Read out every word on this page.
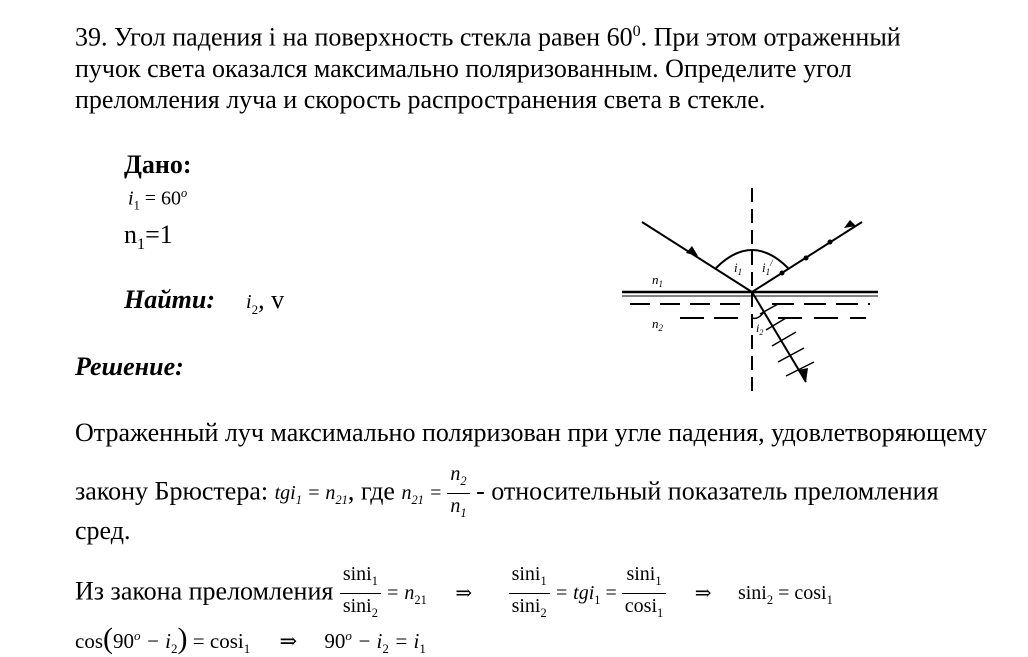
39. Угол падения i на поверхность стекла равен $60^0$. При этом отраженный
пучок света оказался максимально поляризованным. Определите угол
преломления луча и скорость распространения света в стекле.
Дано:
$i_1 = 60^o$
$n_1=1$
Найти: $i_2$, v
Решение:
Отраженный луч максимально поляризован при угле падения, удовлетворяющему
закону Брюстера: $tgi_1 = n_{21}$, где $n_{21} = \frac{n_2}{n_1}$ - относительный показатель преломления
сред.
Из закона преломления $\frac{\sin i_1}{\sin i_2} = n_{21}$ ⇒ $\frac{\sin i_1}{\sin i_2} = tgi_1 = \frac{\sin i_1}{\cos i_1}$ ⇒ sini$_2$ = cosi$_1$
$\cos(90^o - i_2) = \cos i_1$ ⇒ $90^o - i_2 = i_1$
$n_1$
$n_2$
$i_1$ $i_1^/$
$i_2$
